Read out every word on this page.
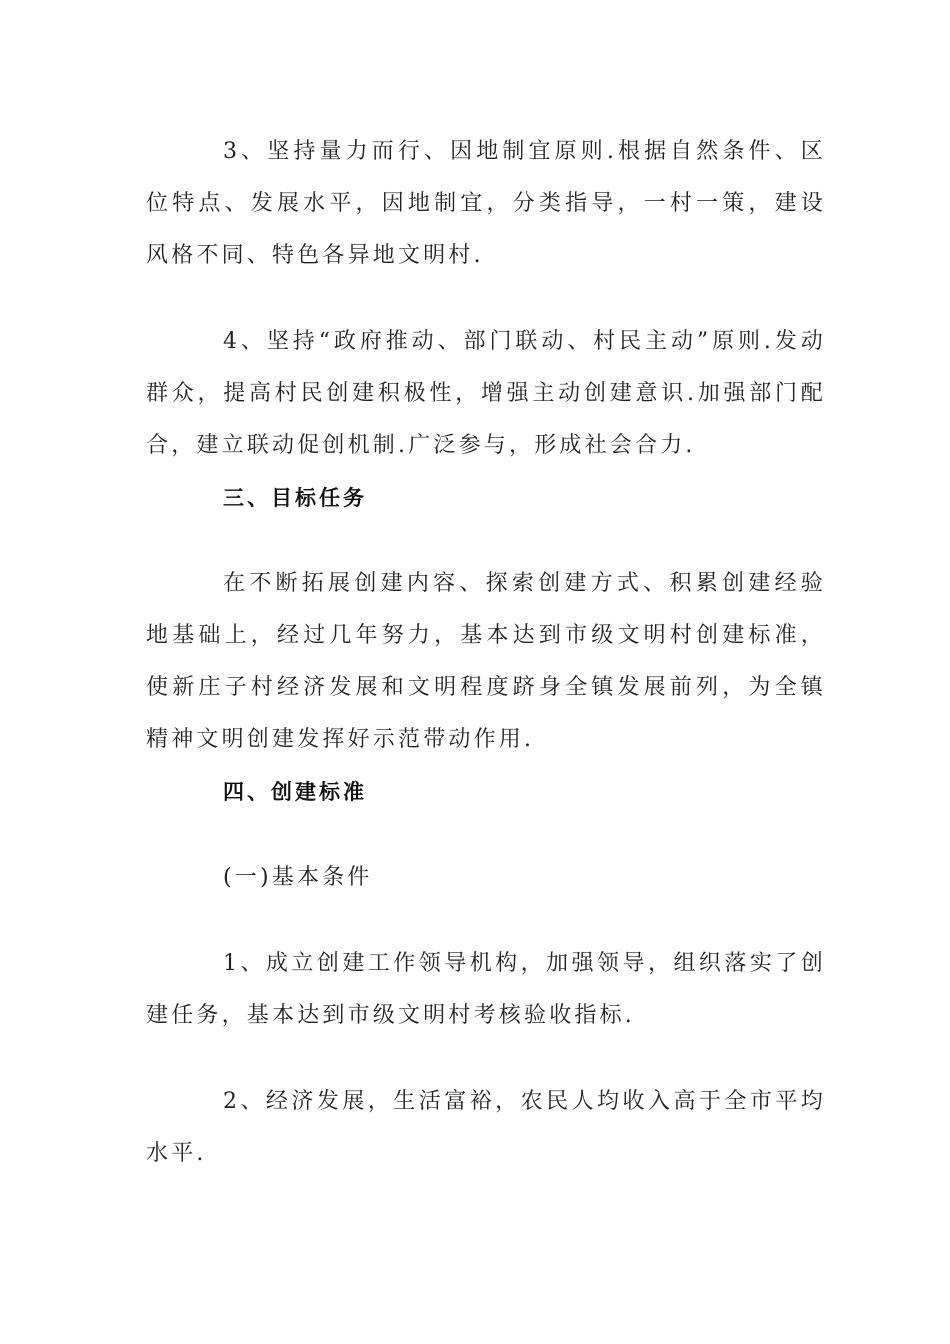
3、坚持量力而行、因地制宜原则.根据自然条件、区位特点、发展水平，因地制宜，分类指导，一村一策，建设风格不同、特色各异地文明村.

4、坚持“政府推动、部门联动、村民主动”原则.发动群众，提高村民创建积极性，增强主动创建意识.加强部门配合，建立联动促创机制.广泛参与，形成社会合力.

三、目标任务

在不断拓展创建内容、探索创建方式、积累创建经验地基础上，经过几年努力，基本达到市级文明村创建标准，使新庄子村经济发展和文明程度跻身全镇发展前列，为全镇精神文明创建发挥好示范带动作用.

四、创建标准

(一)基本条件

1、成立创建工作领导机构，加强领导，组织落实了创建任务，基本达到市级文明村考核验收指标.

2、经济发展，生活富裕，农民人均收入高于全市平均水平.
